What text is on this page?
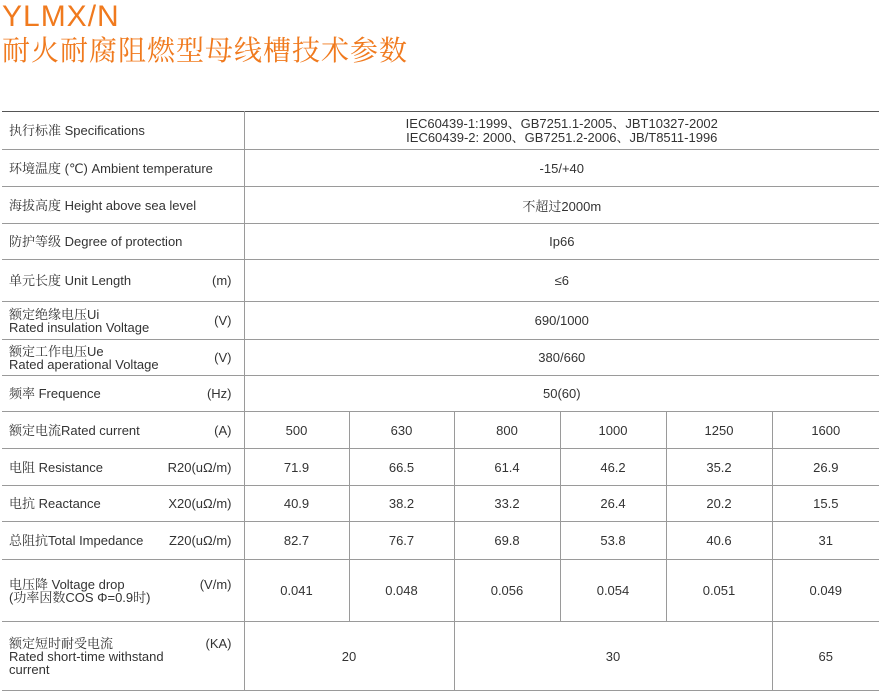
YLMX/N
耐火耐腐阻燃型母线槽技术参数
执行标准 Specifications	IEC60439-1:1999、GB7251.1-2005、JBT10327-2002
IEC60439-2: 2000、GB7251.2-2006、JB/T8511-1996					

环境温度 (℃) Ambient temperature	-15/+40					
海拔高度 Height above sea level	不超过2000m					
防护等级 Degree of protection	Ip66					

单元长度 Unit Length (m)	≤6					

额定绝缘电压Ui
Rated insulation Voltage (V)	690/1000					

额定工作电压Ue
Rated aperational Voltage (V)	380/660					

频率 Frequence (Hz)	50(60)					

额定电流Rated current (A)	500	630	800	1000	1250	1600

电阻 Resistance R20(uΩ/m)	71.9	66.5	61.4	46.2	35.2	26.9

电抗 Reactance X20(uΩ/m)	40.9	38.2	33.2	26.4	20.2	15.5

总阻抗Total Impedance Z20(uΩ/m)	82.7	76.7	69.8	53.8	40.6	31

电压降 Voltage drop
(功率因数COS Φ=0.9时)
(V/m)	0.041	0.048	0.056	0.054	0.051	0.049

额定短时耐受电流
Rated short-time withstand current
(KA)	20		30			65
